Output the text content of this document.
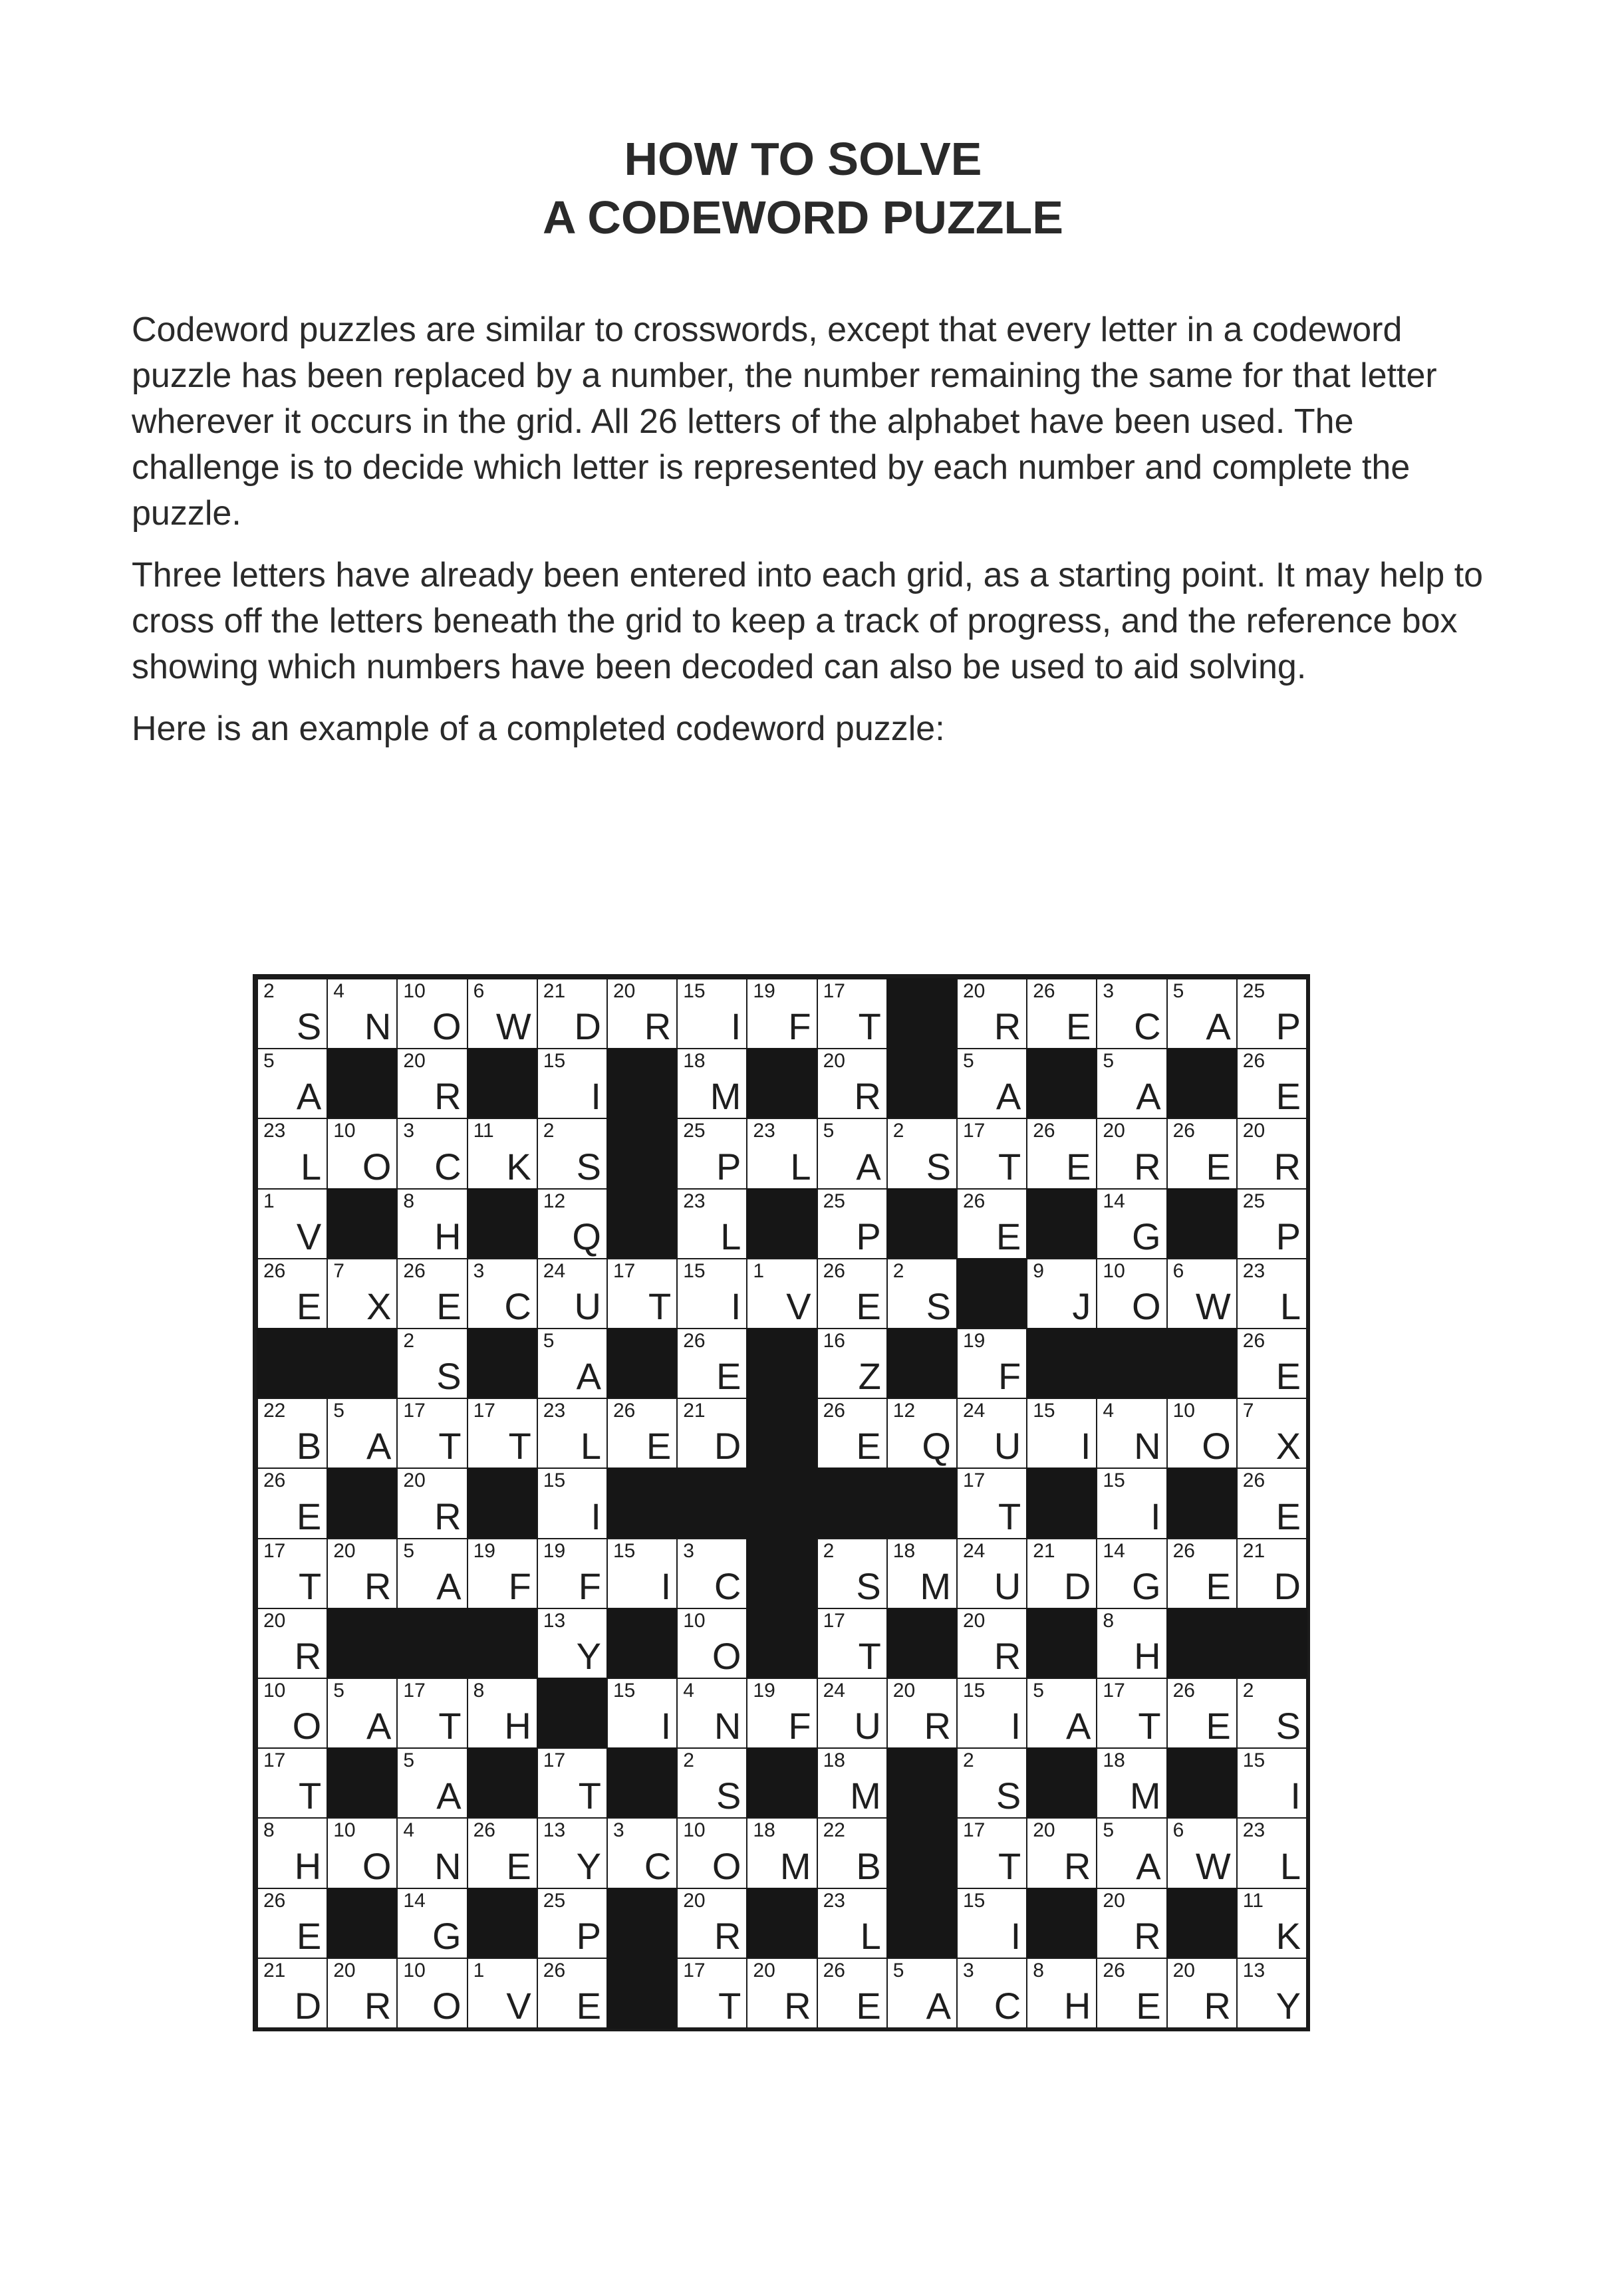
HOW TO SOLVE
A CODEWORD PUZZLE

Codeword puzzles are similar to crosswords, except that every letter in a codeword puzzle has been replaced by a number, the number remaining the same for that letter wherever it occurs in the grid. All 26 letters of the alphabet have been used. The challenge is to decide which letter is represented by each number and complete the puzzle.

Three letters have already been entered into each grid, as a starting point. It may help to cross off the letters beneath the grid to keep a track of progress, and the reference box showing which numbers have been decoded can also be used to aid solving.

Here is an example of a completed codeword puzzle:

2
S
4
N
10
O
6
W
21
D
20
R
15
I
19
F
17
T
20
R
26
E
3
C
5
A
25
P
5
A
20
R
15
I
18
M
20
R
5
A
5
A
26
E
23
L
10
O
3
C
11
K
2
S
25
P
23
L
5
A
2
S
17
T
26
E
20
R
26
E
20
R
1
V
8
H
12
Q
23
L
25
P
26
E
14
G
25
P
26
E
7
X
26
E
3
C
24
U
17
T
15
I
1
V
26
E
2
S
9
J
10
O
6
W
23
L
2
S
5
A
26
E
16
Z
19
F
26
E
22
B
5
A
17
T
17
T
23
L
26
E
21
D
26
E
12
Q
24
U
15
I
4
N
10
O
7
X
26
E
20
R
15
I
17
T
15
I
26
E
17
T
20
R
5
A
19
F
19
F
15
I
3
C
2
S
18
M
24
U
21
D
14
G
26
E
21
D
20
R
13
Y
10
O
17
T
20
R
8
H
10
O
5
A
17
T
8
H
15
I
4
N
19
F
24
U
20
R
15
I
5
A
17
T
26
E
2
S
17
T
5
A
17
T
2
S
18
M
2
S
18
M
15
I
8
H
10
O
4
N
26
E
13
Y
3
C
10
O
18
M
22
B
17
T
20
R
5
A
6
W
23
L
26
E
14
G
25
P
20
R
23
L
15
I
20
R
11
K
21
D
20
R
10
O
1
V
26
E
17
T
20
R
26
E
5
A
3
C
8
H
26
E
20
R
13
Y
